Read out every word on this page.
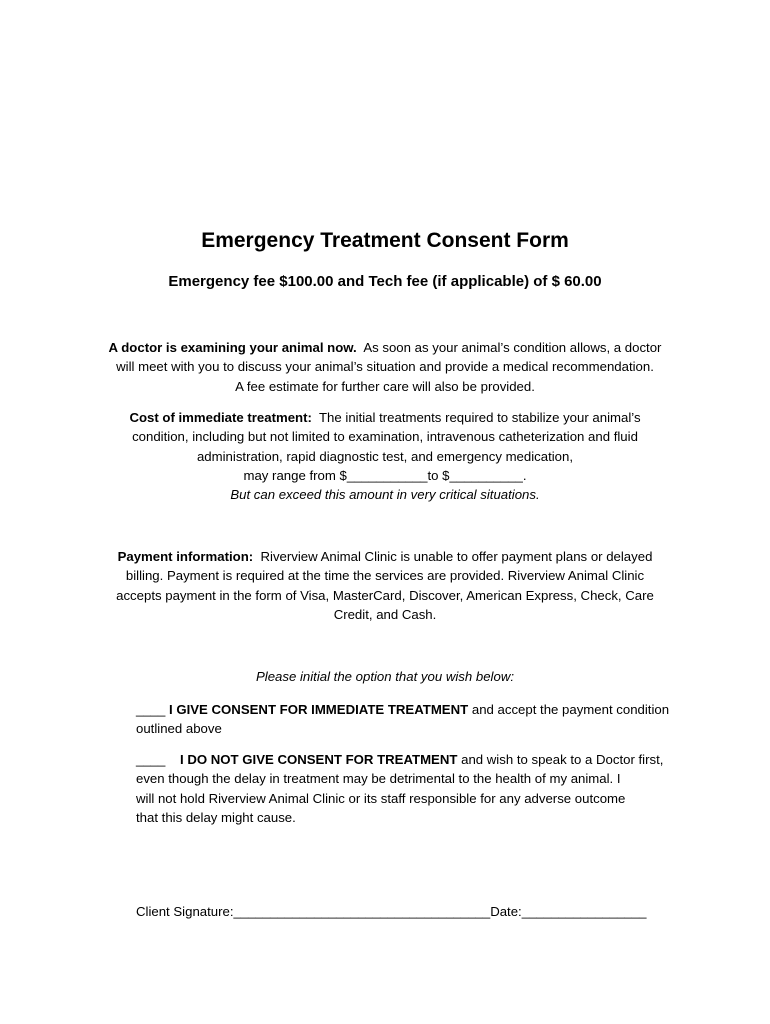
Emergency Treatment Consent Form
Emergency fee $100.00 and Tech fee (if applicable) of $ 60.00
A doctor is examining your animal now. As soon as your animal’s condition allows, a doctor
will meet with you to discuss your animal’s situation and provide a medical recommendation.
A fee estimate for further care will also be provided.
Cost of immediate treatment: The initial treatments required to stabilize your animal’s
condition, including but not limited to examination, intravenous catheterization and fluid
administration, rapid diagnostic test, and emergency medication,
may range from $___________to $__________.
But can exceed this amount in very critical situations.
Payment information: Riverview Animal Clinic is unable to offer payment plans or delayed
billing. Payment is required at the time the services are provided. Riverview Animal Clinic
accepts payment in the form of Visa, MasterCard, Discover, American Express, Check, Care
Credit, and Cash.
Please initial the option that you wish below:
____ I GIVE CONSENT FOR IMMEDIATE TREATMENT and accept the payment condition
outlined above
____ I DO NOT GIVE CONSENT FOR TREATMENT and wish to speak to a Doctor first,
even though the delay in treatment may be detrimental to the health of my animal. I
will not hold Riverview Animal Clinic or its staff responsible for any adverse outcome
that this delay might cause.
Client Signature:___________________________________Date:_________________
